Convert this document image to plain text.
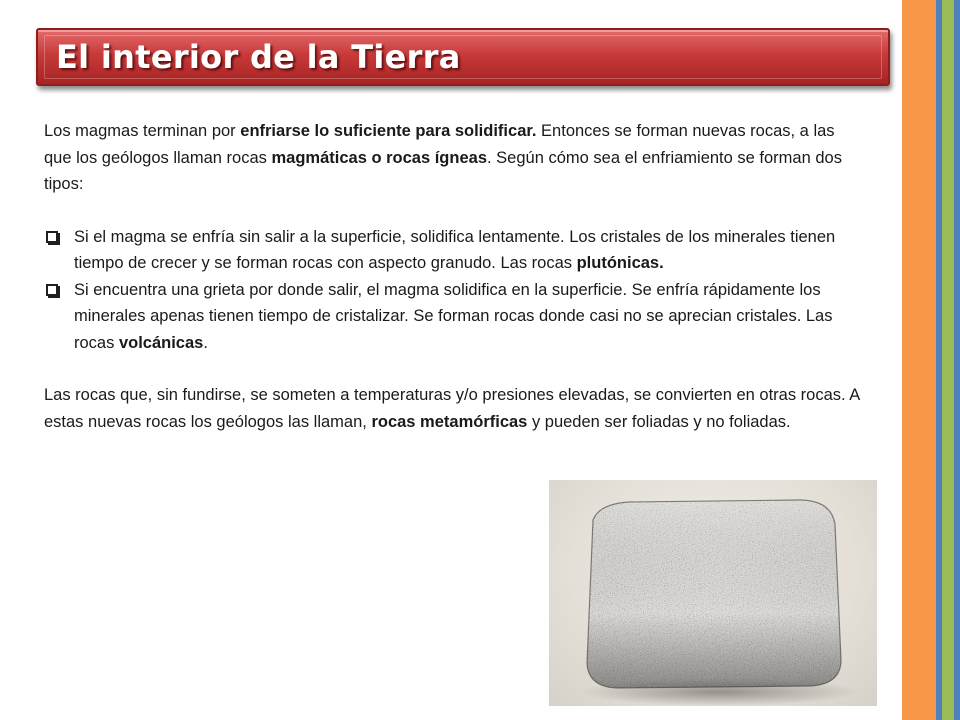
El interior de la Tierra

Los magmas terminan por enfriarse lo suficiente para solidificar. Entonces se forman nuevas rocas, a las que los geólogos llaman rocas magmáticas o rocas ígneas. Según cómo sea el enfriamiento se forman dos tipos:

Si el magma se enfría sin salir a la superficie, solidifica lentamente. Los cristales de los minerales tienen tiempo de crecer y se forman rocas con aspecto granudo. Las rocas plutónicas.
Si encuentra una grieta por donde salir, el magma solidifica en la superficie. Se enfría rápidamente los minerales apenas tienen tiempo de cristalizar. Se forman rocas donde casi no se aprecian cristales. Las rocas volcánicas.

Las rocas que, sin fundirse, se someten a temperaturas y/o presiones elevadas, se convierten en otras rocas. A estas nuevas rocas los geólogos las llaman, rocas metamórficas y pueden ser foliadas y no foliadas.
